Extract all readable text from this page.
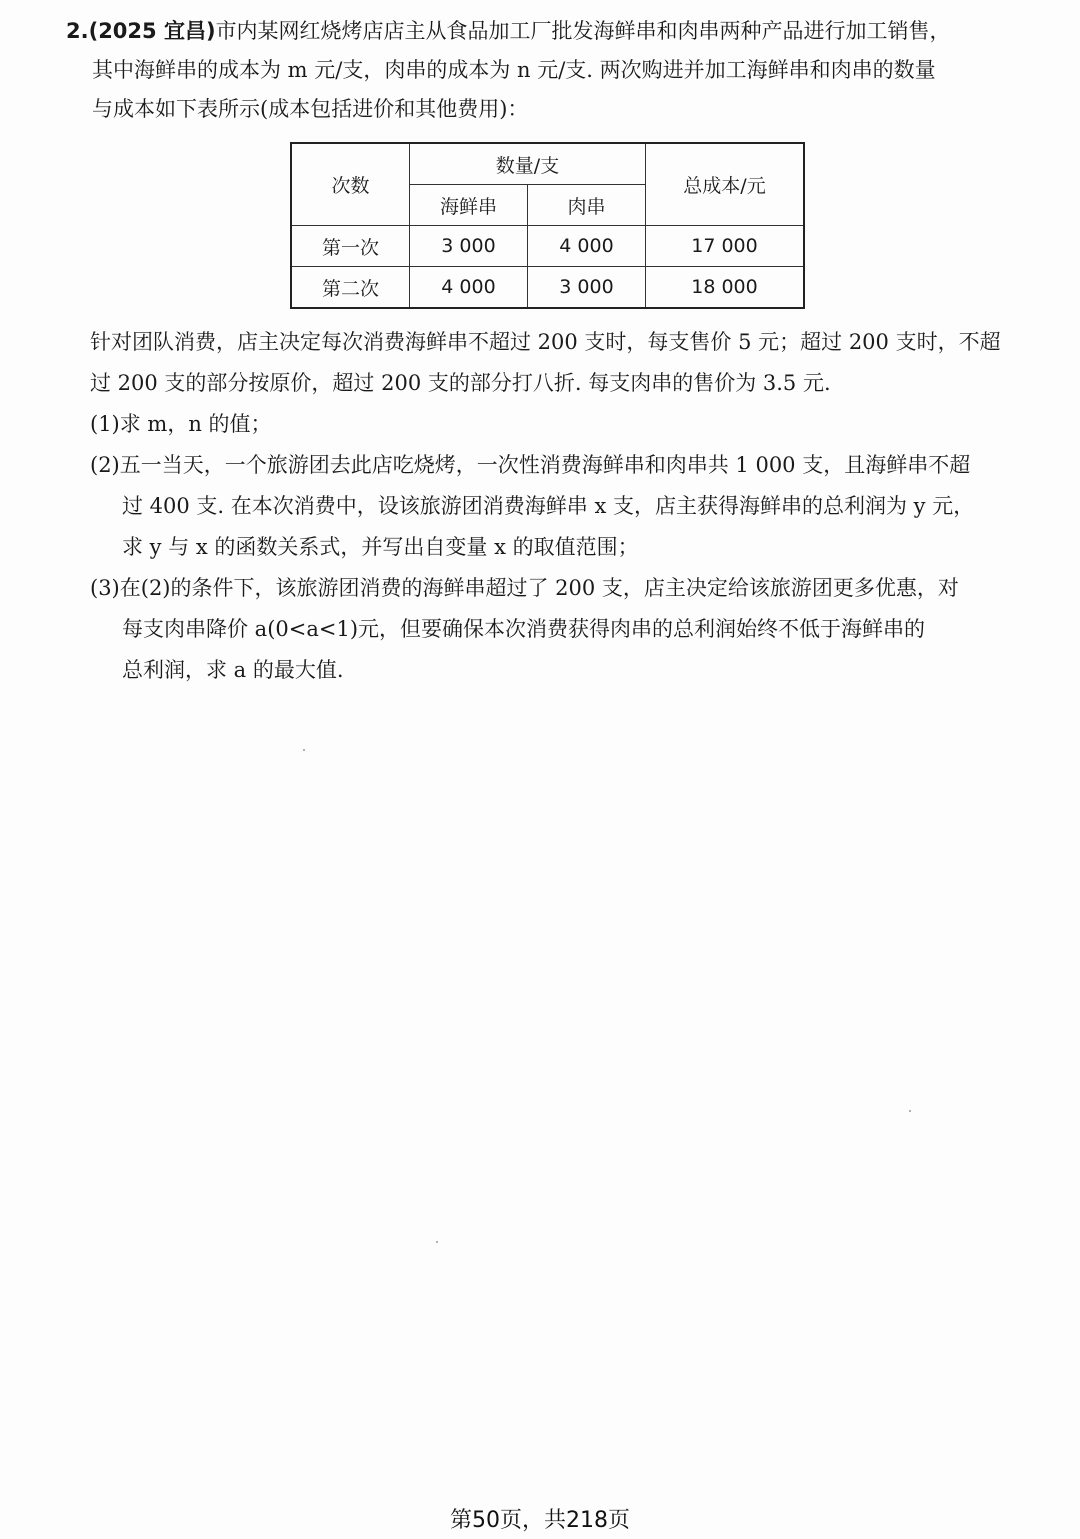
2.(2025 宜昌)市内某网红烧烤店店主从食品加工厂批发海鲜串和肉串两种产品进行加工销售，
其中海鲜串的成本为 m 元/支，肉串的成本为 n 元/支. 两次购进并加工海鲜串和肉串的数量
与成本如下表所示(成本包括进价和其他费用)：
次数	数量/支		总成本/元
	海鲜串	肉串	
第一次	3 000	4 000	17 000
第二次	4 000	3 000	18 000
针对团队消费，店主决定每次消费海鲜串不超过 200 支时，每支售价 5 元；超过 200 支时，不超
过 200 支的部分按原价，超过 200 支的部分打八折. 每支肉串的售价为 3.5 元.
(1)求 m，n 的值；
(2)五一当天，一个旅游团去此店吃烧烤，一次性消费海鲜串和肉串共 1 000 支，且海鲜串不超
过 400 支. 在本次消费中，设该旅游团消费海鲜串 x 支，店主获得海鲜串的总利润为 y 元，
求 y 与 x 的函数关系式，并写出自变量 x 的取值范围；
(3)在(2)的条件下，该旅游团消费的海鲜串超过了 200 支，店主决定给该旅游团更多优惠，对
每支肉串降价 a(0<a<1)元，但要确保本次消费获得肉串的总利润始终不低于海鲜串的
总利润，求 a 的最大值.
第50页，共218页
